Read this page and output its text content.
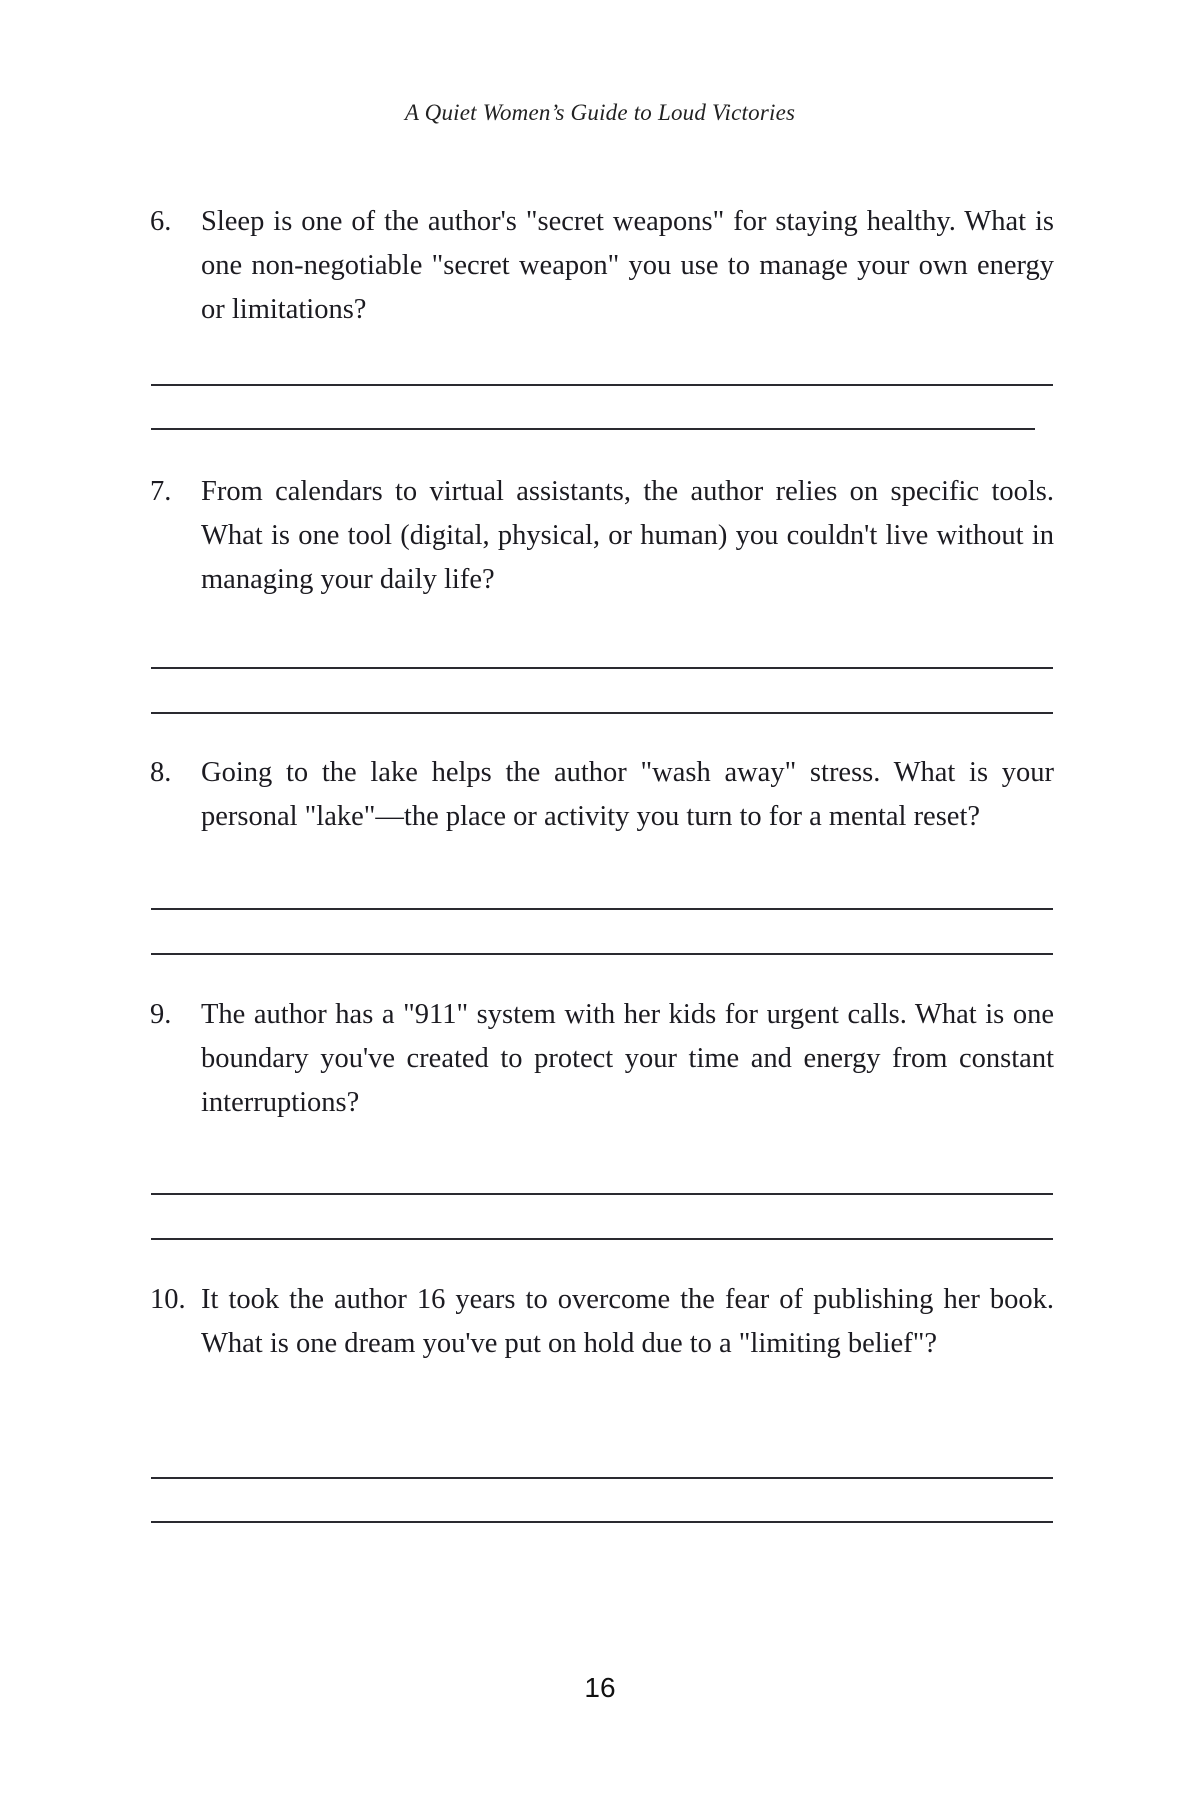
A Quiet Women’s Guide to Loud Victories
6. Sleep is one of the author's "secret weapons" for staying healthy. What is one non-negotiable "secret weapon" you use to manage your own energy or limitations?
7. From calendars to virtual assistants, the author relies on specific tools. What is one tool (digital, physical, or human) you couldn't live without in managing your daily life?
8. Going to the lake helps the author "wash away" stress. What is your personal "lake"—the place or activity you turn to for a mental reset?
9. The author has a "911" system with her kids for urgent calls. What is one boundary you've created to protect your time and energy from constant interruptions?
10. It took the author 16 years to overcome the fear of publishing her book. What is one dream you've put on hold due to a "limiting belief"?
16
